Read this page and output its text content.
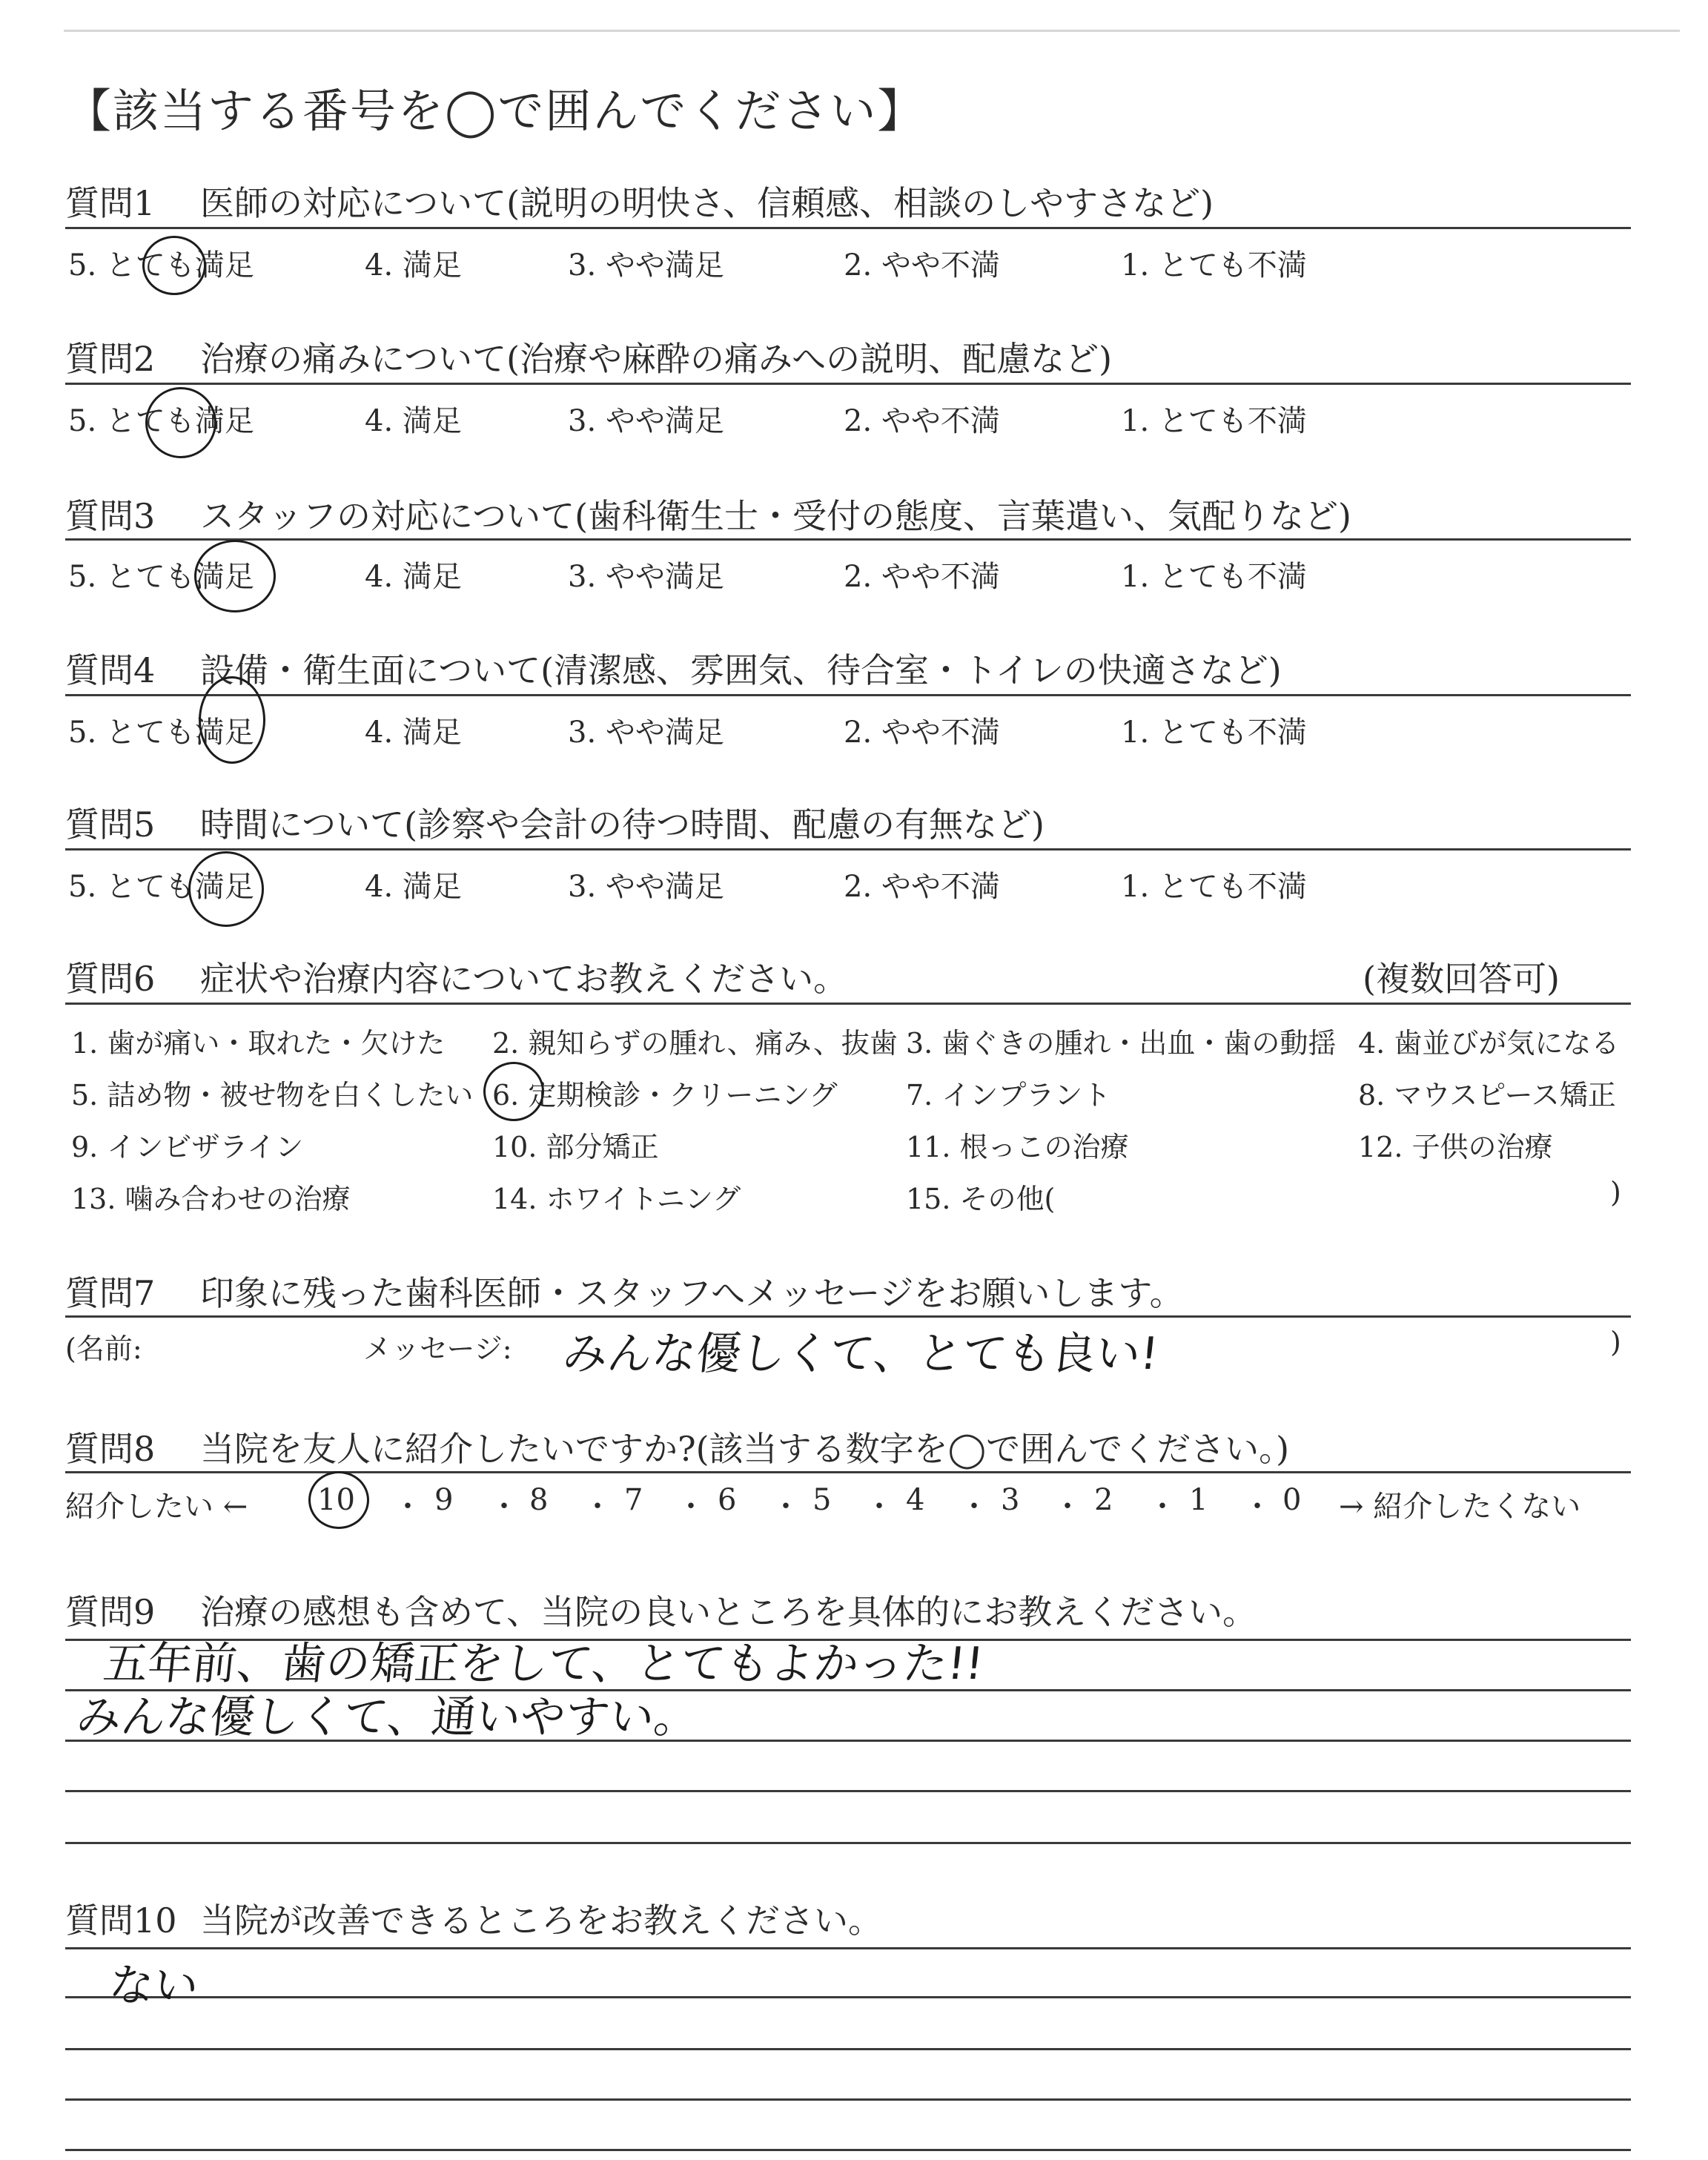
【該当する番号を◯で囲んでください】
質問1 医師の対応について(説明の明快さ、信頼感、相談のしやすさなど)
5. とても満足	4. 満足	3. やや満足	2. やや不満	1. とても不満
質問2 治療の痛みについて(治療や麻酔の痛みへの説明、配慮など)
5. とても満足	4. 満足	3. やや満足	2. やや不満	1. とても不満
質問3 スタッフの対応について(歯科衛生士・受付の態度、言葉遣い、気配りなど)
5. とても満足	4. 満足	3. やや満足	2. やや不満	1. とても不満
質問4 設備・衛生面について(清潔感、雰囲気、待合室・トイレの快適さなど)
5. とても満足	4. 満足	3. やや満足	2. やや不満	1. とても不満
質問5 時間について(診察や会計の待つ時間、配慮の有無など)
5. とても満足	4. 満足	3. やや満足	2. やや不満	1. とても不満
質問6 症状や治療内容についてお教えください。	(複数回答可)
1. 歯が痛い・取れた・欠けた 2. 親知らずの腫れ、痛み、抜歯 3. 歯ぐきの腫れ・出血・歯の動揺 4. 歯並びが気になる
5. 詰め物・被せ物を白くしたい 6. 定期検診・クリーニング 7. インプラント	8. マウスピース矯正
9. インビザライン	10. 部分矯正	11. 根っこの治療	12. 子供の治療
13. 噛み合わせの治療	14. ホワイトニング	15. その他(	)
質問7 印象に残った歯科医師・スタッフへメッセージをお願いします。
(名前:	メッセージ:	)
みんな優しくて、とても良い!
質問8 当院を友人に紹介したいですか?(該当する数字を◯で囲んでください。)
紹介したい ← 10 ・ 9 ・ 8 ・ 7 ・ 6 ・ 5 ・ 4 ・ 3 ・ 2 ・ 1 ・ 0 → 紹介したくない
質問9 治療の感想も含めて、当院の良いところを具体的にお教えください。
五年前、歯の矯正をして、とてもよかった!!
みんな優しくて、通いやすい。
質問10 当院が改善できるところをお教えください。
ない
